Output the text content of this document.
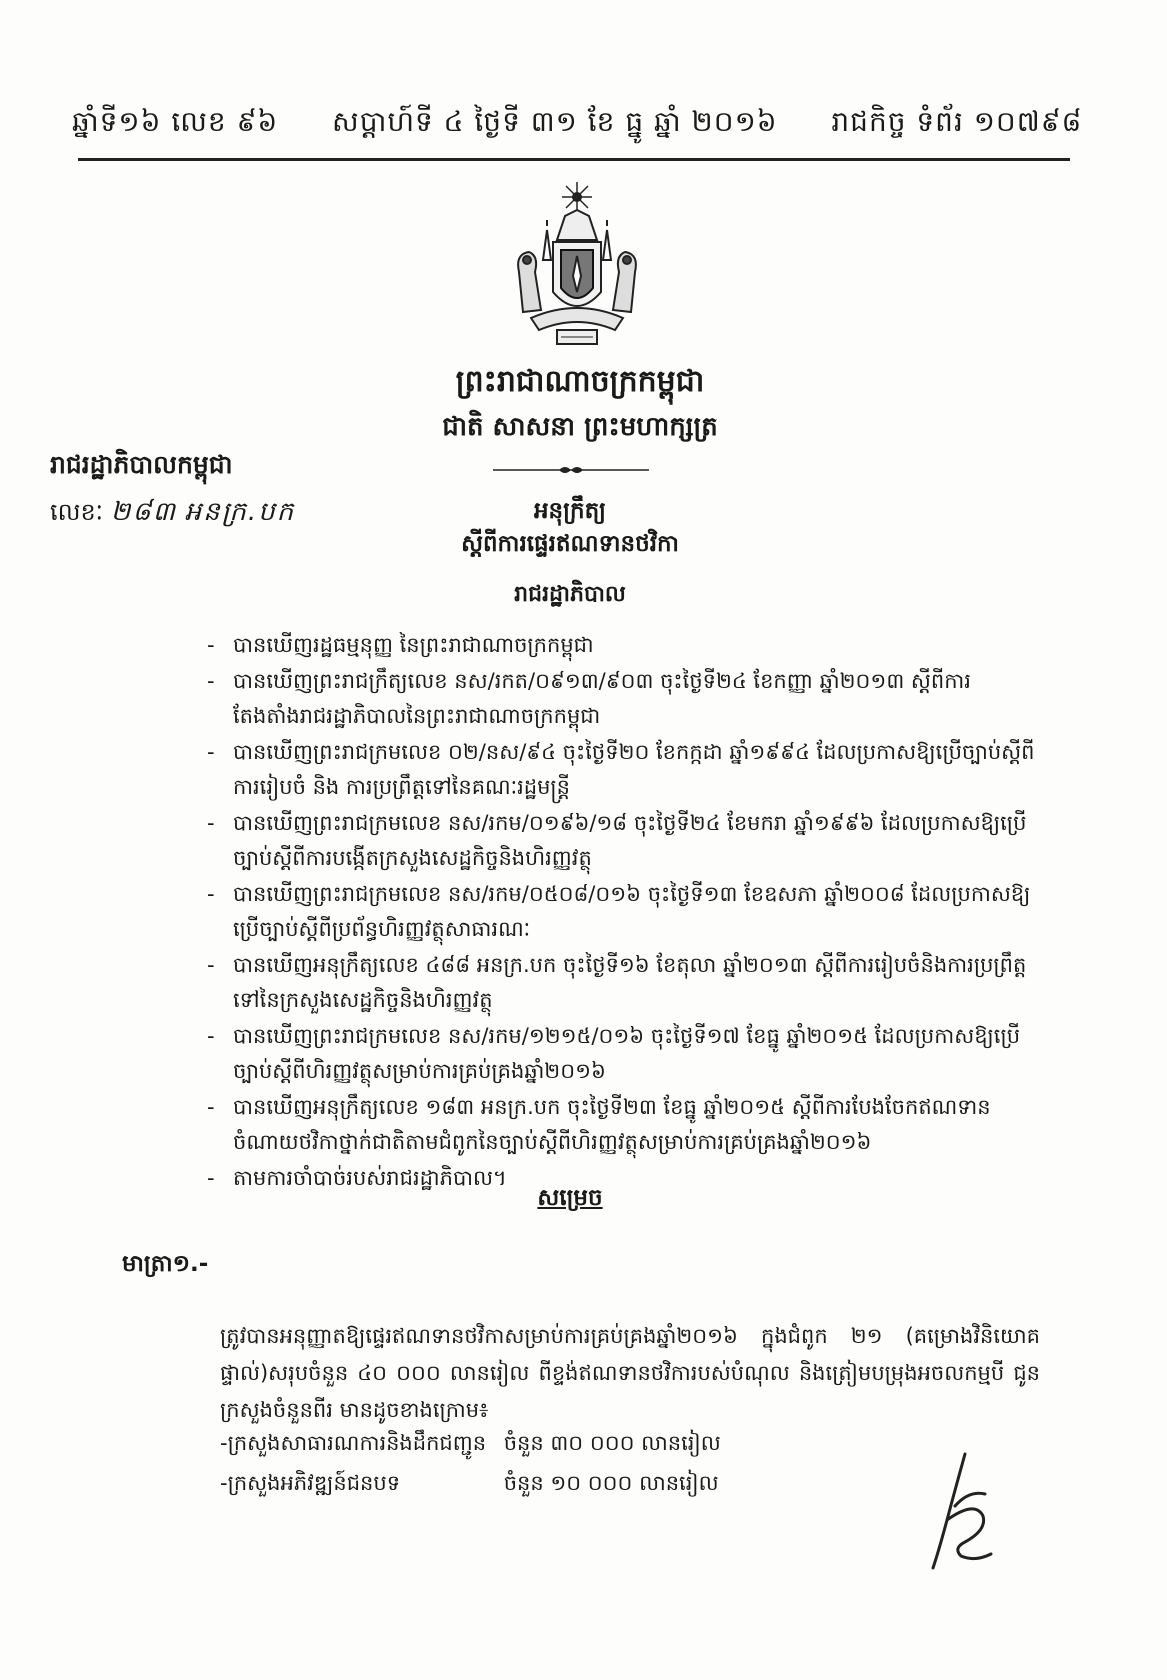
ឆ្នាំទី១៦ លេខ ៩៦ សប្តាហ៍ទី ៤ ថ្ងៃទី ៣១ ខែ ធ្នូ ឆ្នាំ ២០១៦ រាជកិច្ច ទំព័រ ១០៧៩៨
ព្រះរាជាណាចក្រកម្ពុជា
ជាតិ សាសនា ព្រះមហាក្សត្រ
រាជរដ្ឋាភិបាលកម្ពុជា
លេខៈ ២៨៣ អនក្រ.បក	អនុក្រឹត្យ
ស្តីពីការផ្ទេរឥណទានថវិកា
រាជរដ្ឋាភិបាល
- បានឃើញរដ្ឋធម្មនុញ្ញ នៃព្រះរាជាណាចក្រកម្ពុជា
- បានឃើញព្រះរាជក្រឹត្យលេខ នស/រកត/០៩១៣/៩០៣ ចុះថ្ងៃទី២៤ ខែកញ្ញា ឆ្នាំ២០១៣ ស្តីពីការតែងតាំងរាជរដ្ឋាភិបាលនៃព្រះរាជាណាចក្រកម្ពុជា
- បានឃើញព្រះរាជក្រមលេខ ០២/នស/៩៤ ចុះថ្ងៃទី២០ ខែកក្កដា ឆ្នាំ១៩៩៤ ដែលប្រកាសឱ្យប្រើច្បាប់ស្តីពីការរៀបចំ និង ការប្រព្រឹត្តទៅនៃគណៈរដ្ឋមន្ត្រី
- បានឃើញព្រះរាជក្រមលេខ នស/រកម/០១៩៦/១៨ ចុះថ្ងៃទី២៤ ខែមករា ឆ្នាំ១៩៩៦ ដែលប្រកាសឱ្យប្រើច្បាប់ស្តីពីការបង្កើតក្រសួងសេដ្ឋកិច្ចនិងហិរញ្ញវត្ថុ
- បានឃើញព្រះរាជក្រមលេខ នស/រកម/០៥០៨/០១៦ ចុះថ្ងៃទី១៣ ខែឧសភា ឆ្នាំ២០០៨ ដែលប្រកាសឱ្យប្រើច្បាប់ស្តីពីប្រព័ន្ធហិរញ្ញវត្ថុសាធារណៈ
- បានឃើញអនុក្រឹត្យលេខ ៤៨៨ អនក្រ.បក ចុះថ្ងៃទី១៦ ខែតុលា ឆ្នាំ២០១៣ ស្តីពីការរៀបចំនិងការប្រព្រឹត្តទៅនៃក្រសួងសេដ្ឋកិច្ចនិងហិរញ្ញវត្ថុ
- បានឃើញព្រះរាជក្រមលេខ នស/រកម/១២១៥/០១៦ ចុះថ្ងៃទី១៧ ខែធ្នូ ឆ្នាំ២០១៥ ដែលប្រកាសឱ្យប្រើច្បាប់ស្តីពីហិរញ្ញវត្ថុសម្រាប់ការគ្រប់គ្រងឆ្នាំ២០១៦
- បានឃើញអនុក្រឹត្យលេខ ១៨៣ អនក្រ.បក ចុះថ្ងៃទី២៣ ខែធ្នូ ឆ្នាំ២០១៥ ស្តីពីការបែងចែកឥណទានចំណាយថវិកាថ្នាក់ជាតិតាមជំពូកនៃច្បាប់ស្តីពីហិរញ្ញវត្ថុសម្រាប់ការគ្រប់គ្រងឆ្នាំ២០១៦
- តាមការចាំបាច់របស់រាជរដ្ឋាភិបាល។
សម្រេច
មាត្រា១.-
ត្រូវបានអនុញ្ញាតឱ្យផ្ទេរឥណទានថវិកាសម្រាប់ការគ្រប់គ្រងឆ្នាំ២០១៦ ក្នុងជំពូក ២១ (គម្រោងវិនិយោគផ្ទាល់)សរុបចំនួន ៤០ ០០០ លានរៀល ពីខ្ទង់ឥណទានថវិការបស់បំណុល និងត្រៀមបម្រុងអចលកម្មបី ជូនក្រសួងចំនួនពីរ មានដូចខាងក្រោម៖
-ក្រសួងសាធារណការនិងដឹកជញ្ជូន ចំនួន ៣០ ០០០ លានរៀល
-ក្រសួងអភិវឌ្ឍន៍ជនបទ	ចំនួន ១០ ០០០ លានរៀល
